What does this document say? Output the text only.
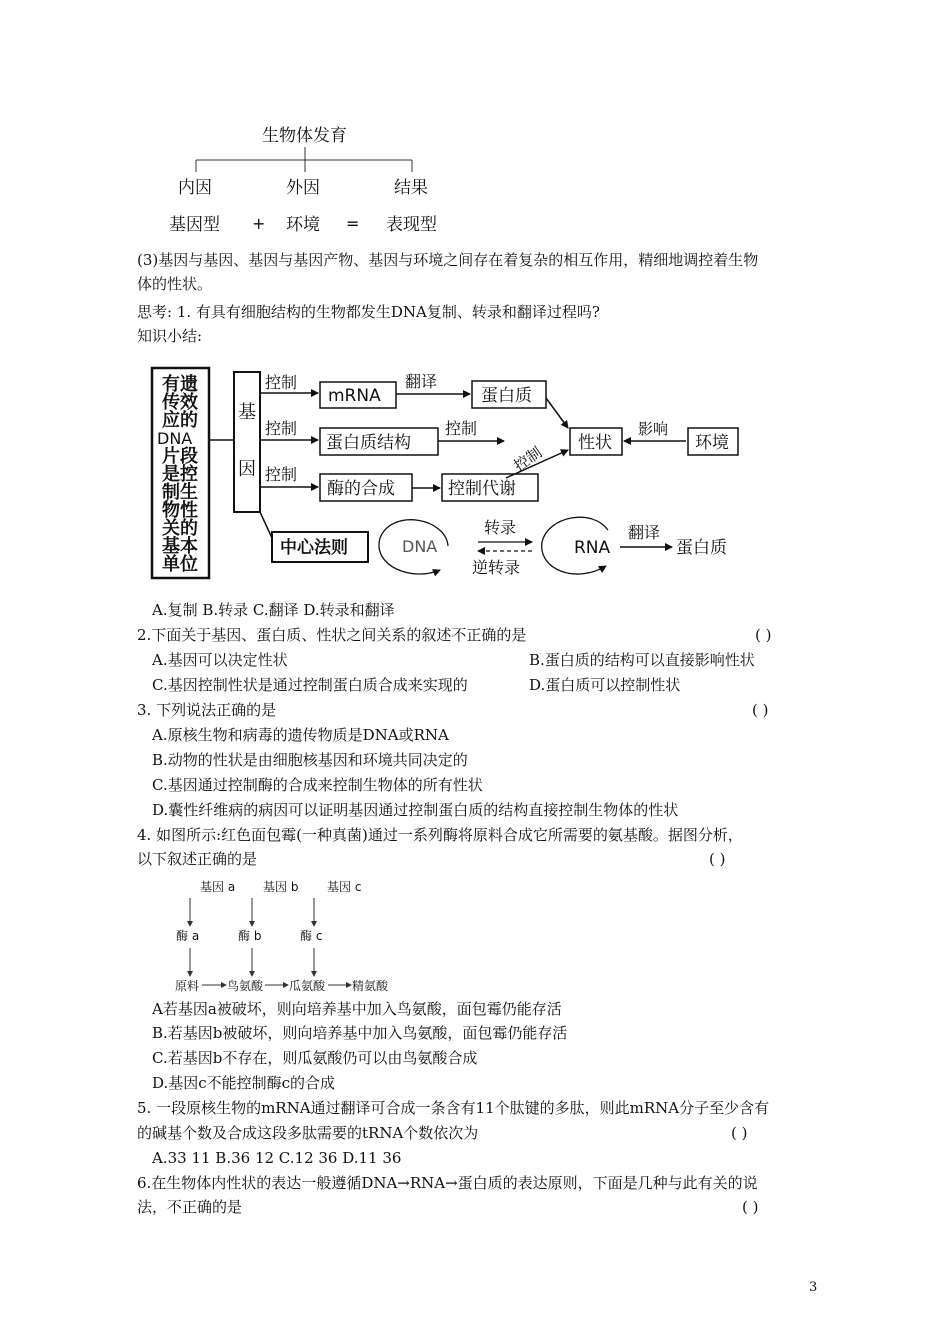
生物体发育
内因	外因	结果
基因型 + 环境 = 表现型
有遗
传效
应的
DNA
片段
是控
制生
物性
关的
基本
单位
基
因
控制
mRNA
翻译
蛋白质
控制
蛋白质结构
控制
控制
性状
影响
环境
控制
酶的合成	控制代谢
中心法则	DNA
转录
逆转录
RNA
翻译
蛋白质
基因 a 基因 b 基因 c
酶 a	酶 b	酶 c
原料 鸟氨酸 瓜氨酸 精氨酸
(3)基因与基因、基因与基因产物、基因与环境之间存在着复杂的相互作用，精细地调控着生物
体的性状。
思考: 1. 有具有细胞结构的生物都发生DNA复制、转录和翻译过程吗?
知识小结:
A.复制 B.转录 C.翻译 D.转录和翻译
2.下面关于基因、蛋白质、性状之间关系的叙述不正确的是	( )
A.基因可以决定性状	B.蛋白质的结构可以直接影响性状
C.基因控制性状是通过控制蛋白质合成来实现的	D.蛋白质可以控制性状
3. 下列说法正确的是	( )
A.原核生物和病毒的遗传物质是DNA或RNA
B.动物的性状是由细胞核基因和环境共同决定的
C.基因通过控制酶的合成来控制生物体的所有性状
D.囊性纤维病的病因可以证明基因通过控制蛋白质的结构直接控制生物体的性状
4. 如图所示:红色面包霉(一种真菌)通过一系列酶将原料合成它所需要的氨基酸。据图分析，
以下叙述正确的是	( )
A若基因a被破坏，则向培养基中加入鸟氨酸，面包霉仍能存活
B.若基因b被破坏，则向培养基中加入鸟氨酸，面包霉仍能存活
C.若基因b不存在，则瓜氨酸仍可以由鸟氨酸合成
D.基因c不能控制酶c的合成
5. 一段原核生物的mRNA通过翻译可合成一条含有11个肽键的多肽，则此mRNA分子至少含有
的碱基个数及合成这段多肽需要的tRNA个数依次为	( )
A.33 11 B.36 12 C.12 36 D.11 36
6.在生物体内性状的表达一般遵循DNA→RNA→蛋白质的表达原则，下面是几种与此有关的说
法，不正确的是	( )
3
